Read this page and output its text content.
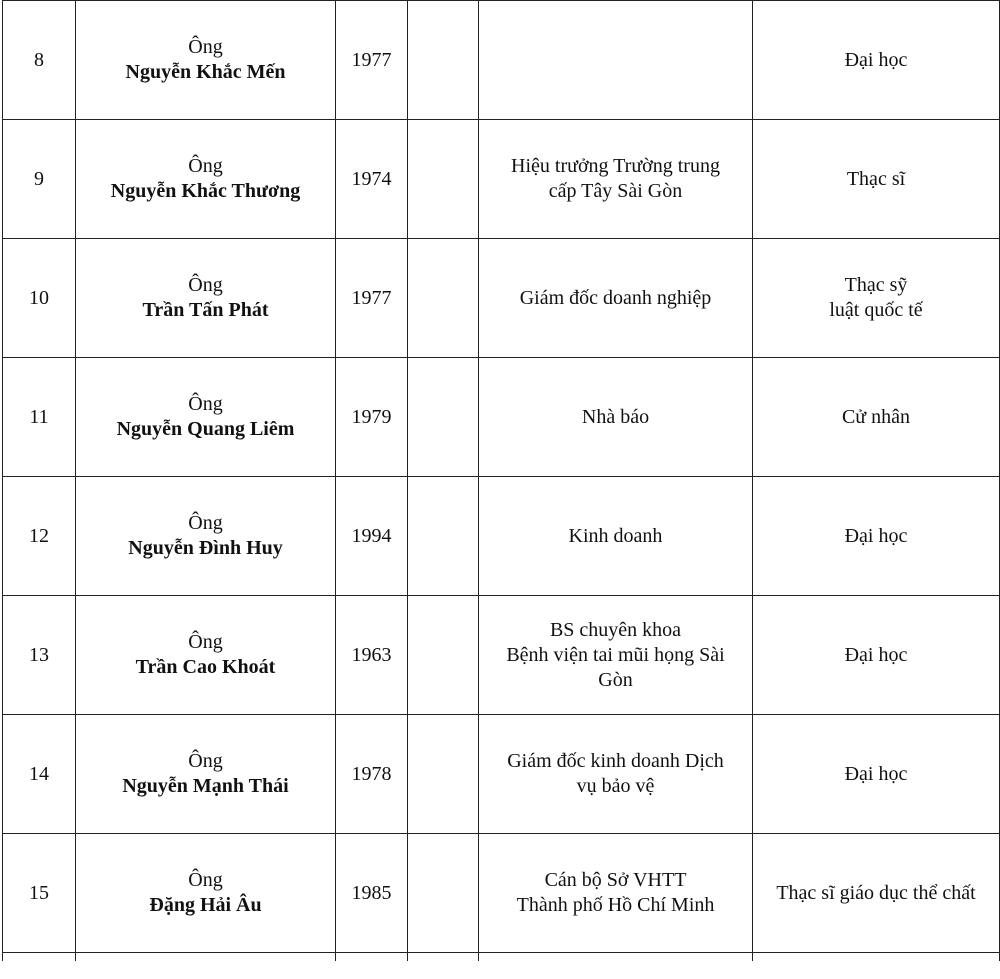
8	Ông
Nguyễn Khắc Mến	1977			Đại học
9	Ông
Nguyễn Khắc Thương	1974		Hiệu trưởng Trường trung
cấp Tây Sài Gòn	Thạc sĩ
10	Ông
Trần Tấn Phát	1977		Giám đốc doanh nghiệp	Thạc sỹ
luật quốc tế
11	Ông
Nguyễn Quang Liêm	1979		Nhà báo	Cử nhân
12	Ông
Nguyễn Đình Huy	1994		Kinh doanh	Đại học
13	Ông
Trần Cao Khoát	1963		BS chuyên khoa
Bệnh viện tai mũi họng Sài
Gòn	Đại học
14	Ông
Nguyễn Mạnh Thái	1978		Giám đốc kinh doanh Dịch
vụ bảo vệ	Đại học
15	Ông
Đặng Hải Âu	1985		Cán bộ Sở VHTT
Thành phố Hồ Chí Minh	Thạc sĩ giáo dục thể chất
